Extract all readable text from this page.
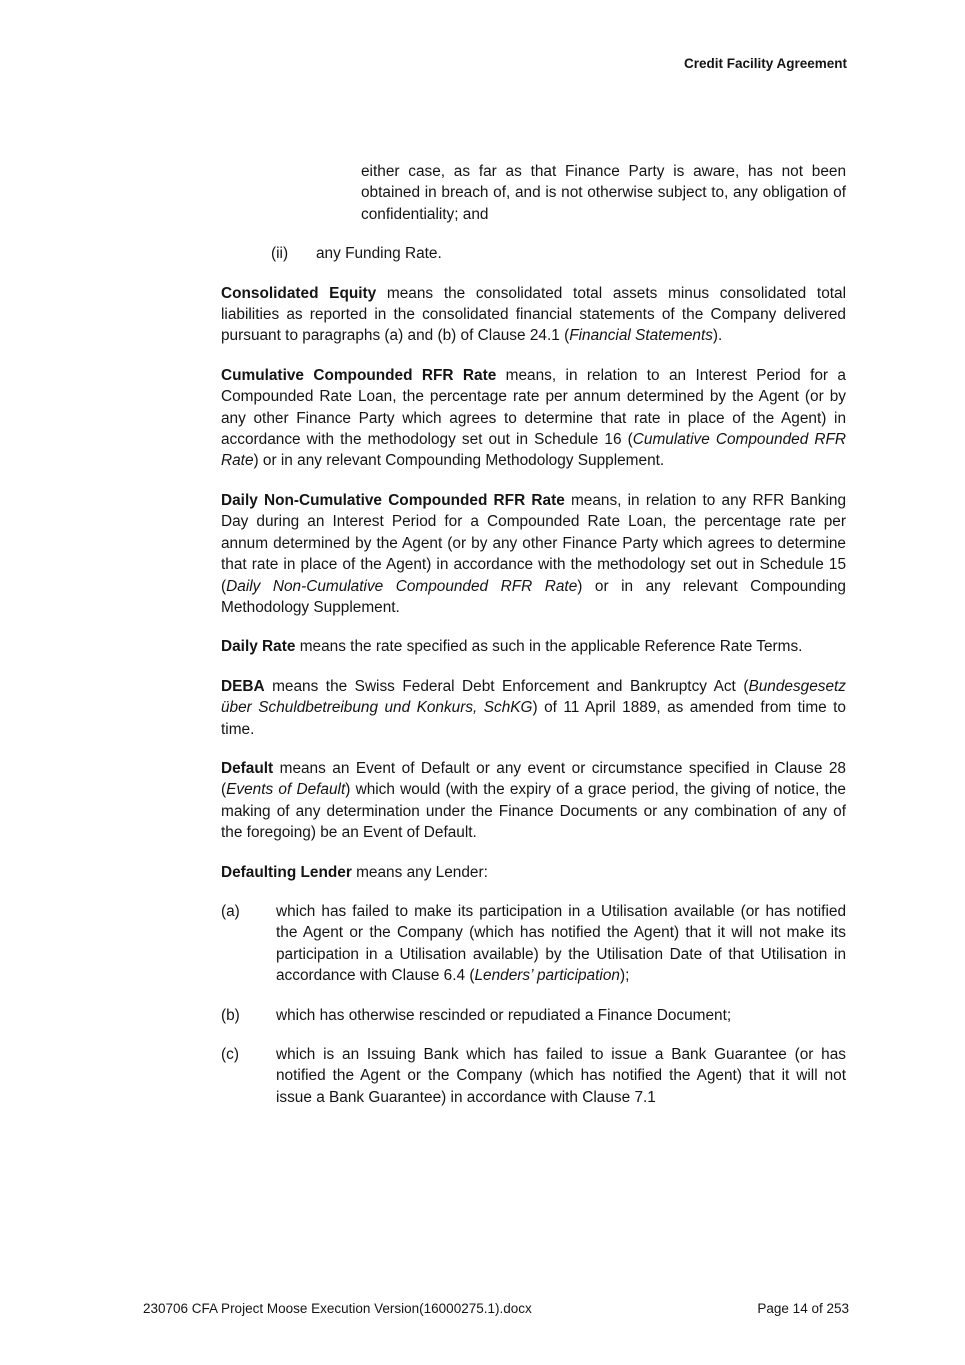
Credit Facility Agreement

either case, as far as that Finance Party is aware, has not been obtained in breach of, and is not otherwise subject to, any obligation of confidentiality; and

(ii)	any Funding Rate.

Consolidated Equity means the consolidated total assets minus consolidated total liabilities as reported in the consolidated financial statements of the Company delivered pursuant to paragraphs (a) and (b) of Clause 24.1 (Financial Statements).

Cumulative Compounded RFR Rate means, in relation to an Interest Period for a Compounded Rate Loan, the percentage rate per annum determined by the Agent (or by any other Finance Party which agrees to determine that rate in place of the Agent) in accordance with the methodology set out in Schedule 16 (Cumulative Compounded RFR Rate) or in any relevant Compounding Methodology Supplement.

Daily Non-Cumulative Compounded RFR Rate means, in relation to any RFR Banking Day during an Interest Period for a Compounded Rate Loan, the percentage rate per annum determined by the Agent (or by any other Finance Party which agrees to determine that rate in place of the Agent) in accordance with the methodology set out in Schedule 15 (Daily Non-Cumulative Compounded RFR Rate) or in any relevant Compounding Methodology Supplement.

Daily Rate means the rate specified as such in the applicable Reference Rate Terms.

DEBA means the Swiss Federal Debt Enforcement and Bankruptcy Act (Bundesgesetz über Schuldbetreibung und Konkurs, SchKG) of 11 April 1889, as amended from time to time.

Default means an Event of Default or any event or circumstance specified in Clause 28 (Events of Default) which would (with the expiry of a grace period, the giving of notice, the making of any determination under the Finance Documents or any combination of any of the foregoing) be an Event of Default.

Defaulting Lender means any Lender:

(a)	which has failed to make its participation in a Utilisation available (or has notified the Agent or the Company (which has notified the Agent) that it will not make its participation in a Utilisation available) by the Utilisation Date of that Utilisation in accordance with Clause 6.4 (Lenders’ participation);

(b)	which has otherwise rescinded or repudiated a Finance Document;

(c)	which is an Issuing Bank which has failed to issue a Bank Guarantee (or has notified the Agent or the Company (which has notified the Agent) that it will not issue a Bank Guarantee) in accordance with Clause 7.1

230706 CFA Project Moose Execution Version(16000275.1).docx	Page 14 of 253
